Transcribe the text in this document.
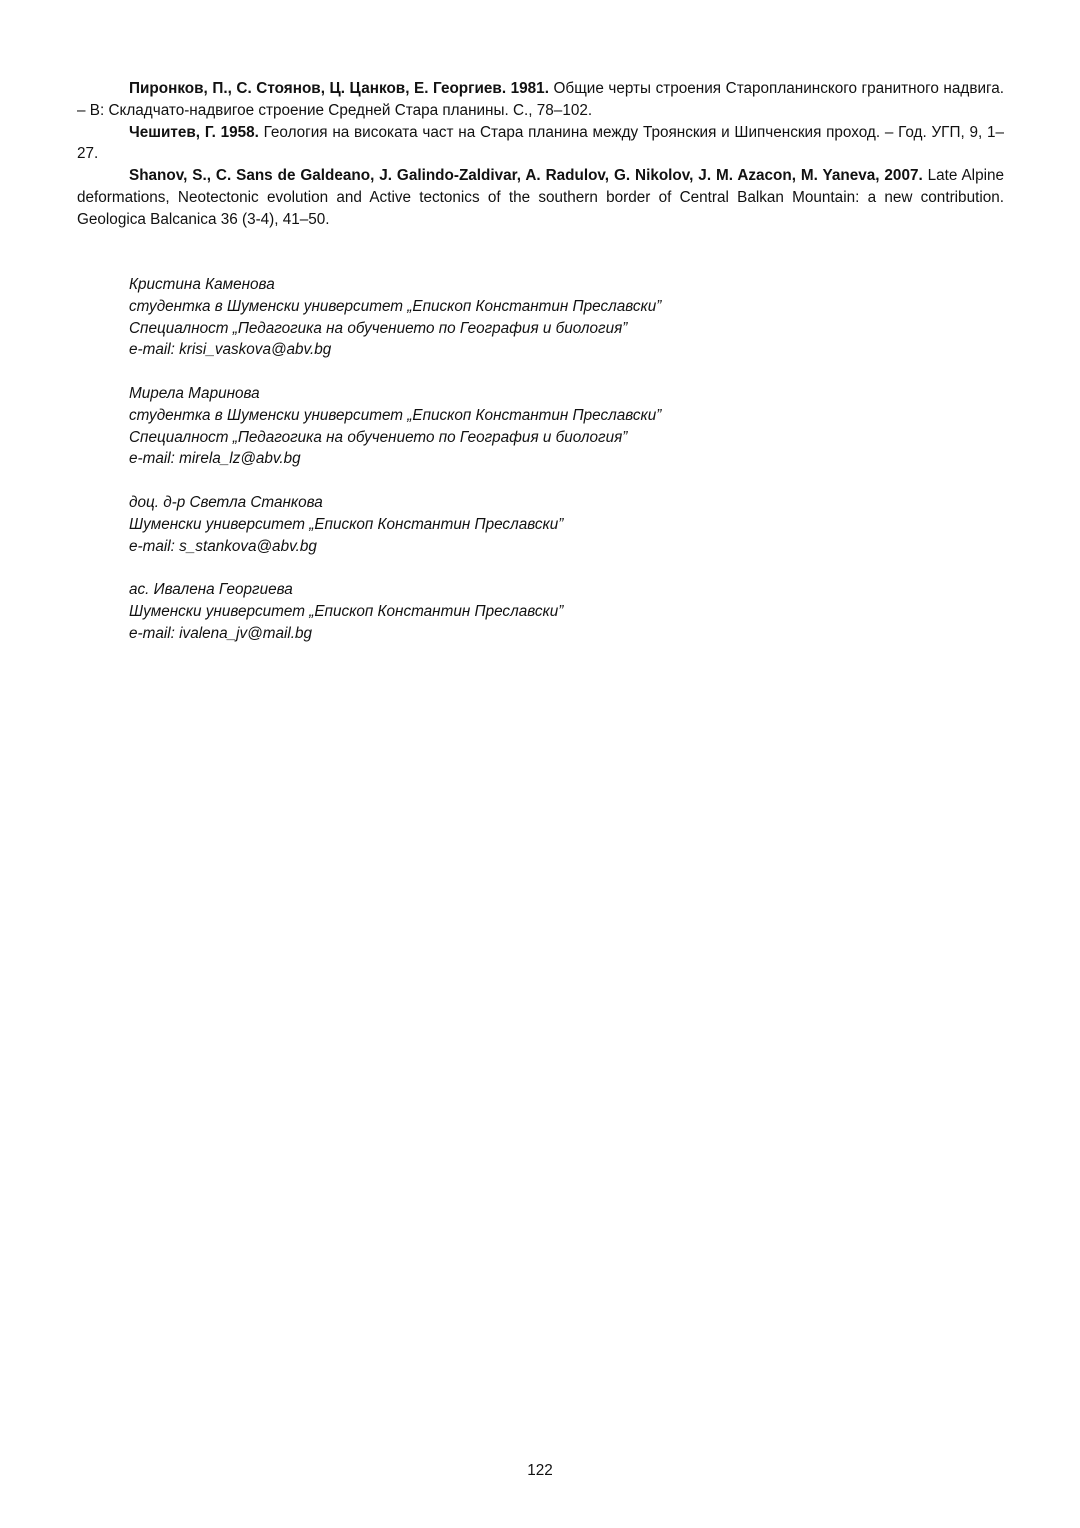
Пиронков, П., С. Стоянов, Ц. Цанков, Е. Георгиев. 1981. Общие черты строения Старопланинского гранитного надвига. – В: Складчато-надвигое строение Средней Стара планины. С., 78–102.

Чешитев, Г. 1958. Геология на високата част на Стара планина между Троянския и Шипченския проход. – Год. УГП, 9, 1–27.

Shanov, S., C. Sans de Galdeano, J. Galindo-Zaldivar, A. Radulov, G. Nikolov, J. M. Azacon, M. Yaneva, 2007. Late Alpine deformations, Neotectonic evolution and Active tectonics of the southern border of Central Balkan Mountain: a new contribution. Geologica Balcanica 36 (3-4), 41–50.

Кристина Каменова
студентка в Шуменски университет „Епископ Константин Преславски”
Специалност „Педагогика на обучението по География и биология”
e-mail: krisi_vaskova@abv.bg
Мирела Маринова
студентка в Шуменски университет „Епископ Константин Преславски”
Специалност „Педагогика на обучението по География и биология”
e-mail: mirela_lz@abv.bg
доц. д-р Светла Станкова
Шуменски университет „Епископ Константин Преславски”
e-mail: s_stankova@abv.bg
ас. Ивалена Георгиева
Шуменски университет „Епископ Константин Преславски”
e-mail: ivalena_jv@mail.bg
122
